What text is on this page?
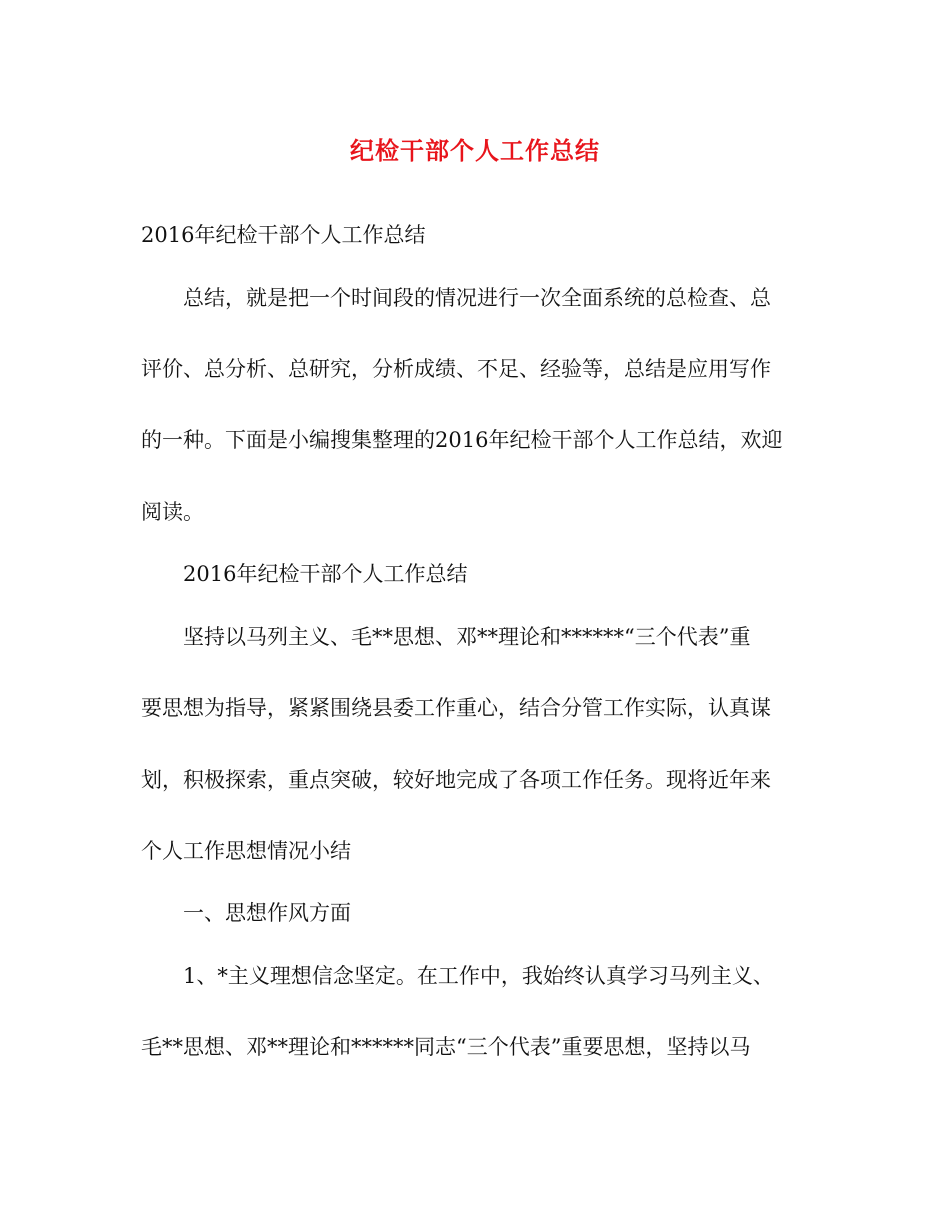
纪检干部个人工作总结
2016年纪检干部个人工作总结
总结，就是把一个时间段的情况进行一次全面系统的总检查、总
评价、总分析、总研究，分析成绩、不足、经验等，总结是应用写作
的一种。下面是小编搜集整理的2016年纪检干部个人工作总结，欢迎
阅读。
2016年纪检干部个人工作总结
坚持以马列主义、毛**思想、邓**理论和******“三个代表”重
要思想为指导，紧紧围绕县委工作重心，结合分管工作实际，认真谋
划，积极探索，重点突破，较好地完成了各项工作任务。现将近年来
个人工作思想情况小结
一、思想作风方面
1、*主义理想信念坚定。在工作中，我始终认真学习马列主义、
毛**思想、邓**理论和******同志“三个代表”重要思想，坚持以马
